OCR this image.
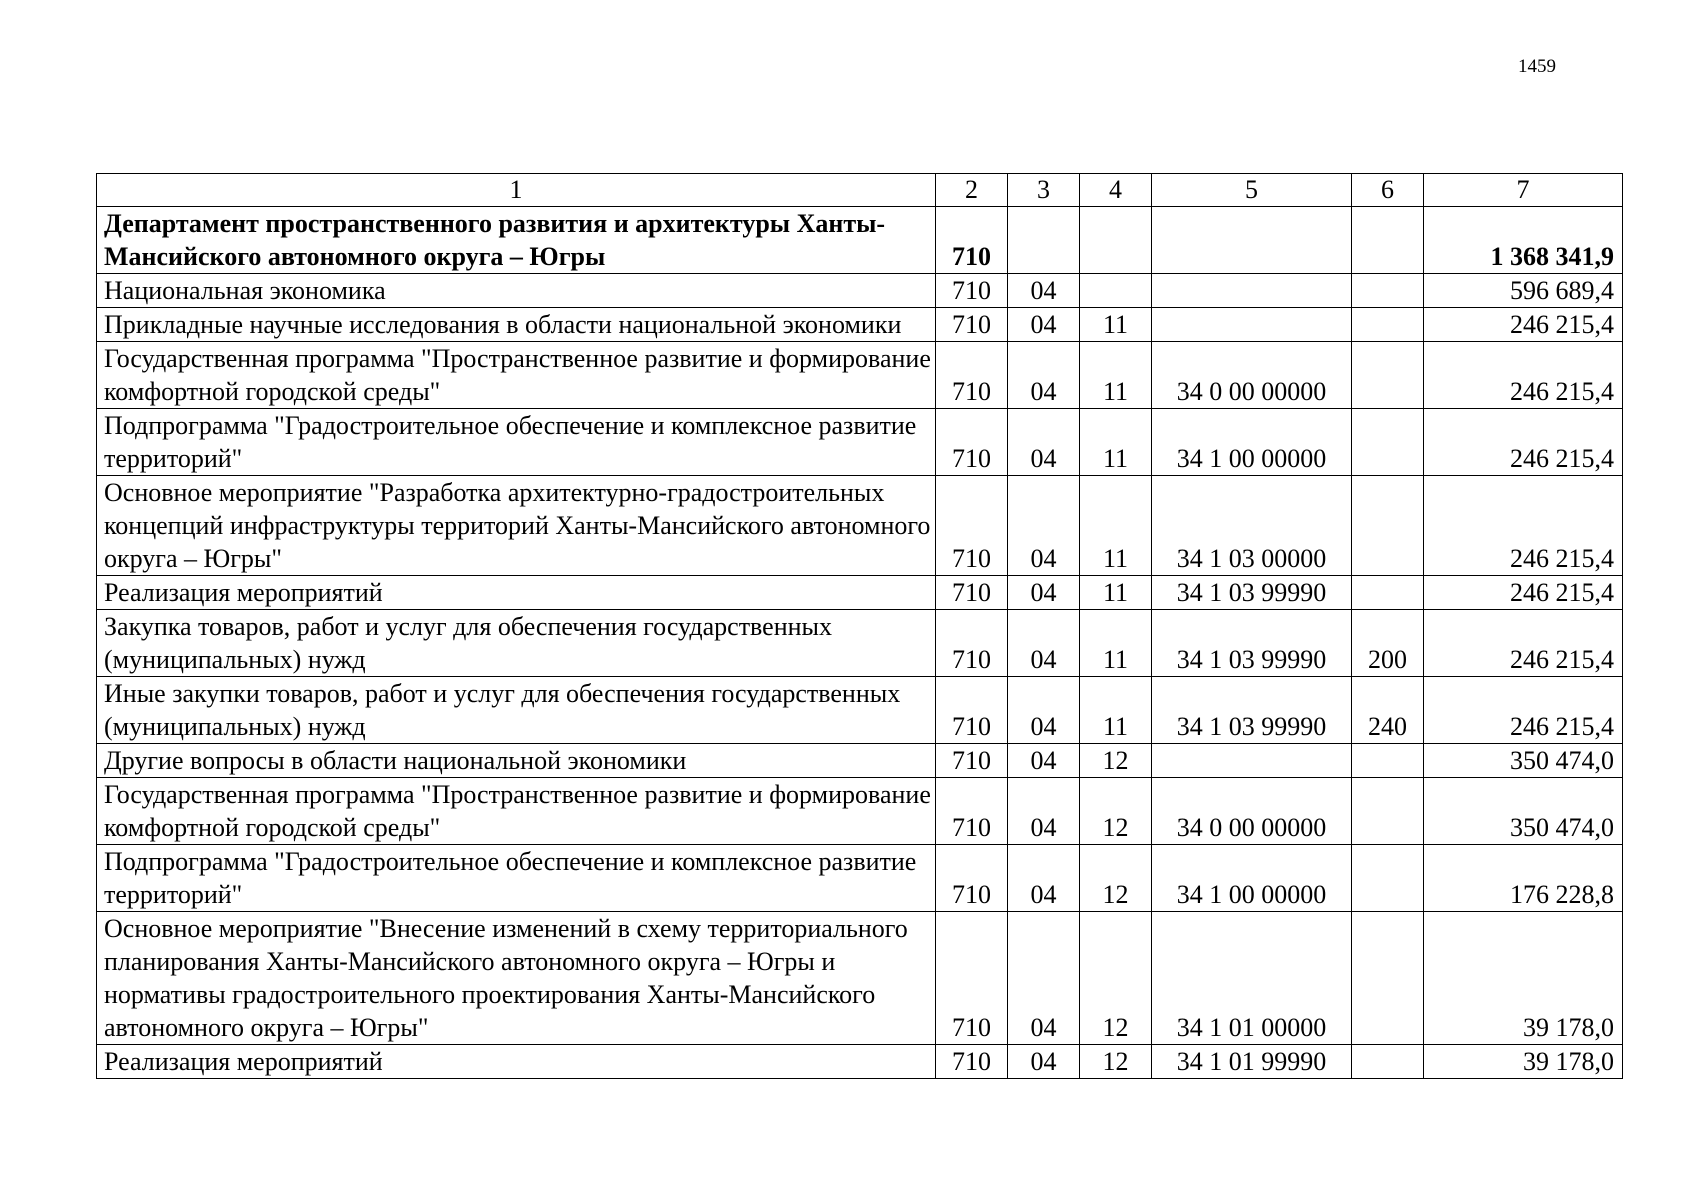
1459
1	2	3	4	5	6	7
Департамент пространственного развития и архитектуры Ханты-Мансийского автономного округа – Югры	710					1 368 341,9
Национальная экономика	710	04				596 689,4
Прикладные научные исследования в области национальной экономики	710	04	11			246 215,4
Государственная программа "Пространственное развитие и формирование комфортной городской среды"	710	04	11	34 0 00 00000		246 215,4
Подпрограмма "Градостроительное обеспечение и комплексное развитие территорий"	710	04	11	34 1 00 00000		246 215,4
Основное мероприятие "Разработка архитектурно-градостроительных концепций инфраструктуры территорий Ханты-Мансийского автономного округа – Югры"	710	04	11	34 1 03 00000		246 215,4
Реализация мероприятий	710	04	11	34 1 03 99990		246 215,4
Закупка товаров, работ и услуг для обеспечения государственных (муниципальных) нужд	710	04	11	34 1 03 99990	200	246 215,4
Иные закупки товаров, работ и услуг для обеспечения государственных (муниципальных) нужд	710	04	11	34 1 03 99990	240	246 215,4
Другие вопросы в области национальной экономики	710	04	12			350 474,0
Государственная программа "Пространственное развитие и формирование комфортной городской среды"	710	04	12	34 0 00 00000		350 474,0
Подпрограмма "Градостроительное обеспечение и комплексное развитие территорий"	710	04	12	34 1 00 00000		176 228,8
Основное мероприятие "Внесение изменений в схему территориального планирования Ханты-Мансийского автономного округа – Югры и нормативы градостроительного проектирования Ханты-Мансийского автономного округа – Югры"	710	04	12	34 1 01 00000		39 178,0
Реализация мероприятий	710	04	12	34 1 01 99990		39 178,0
